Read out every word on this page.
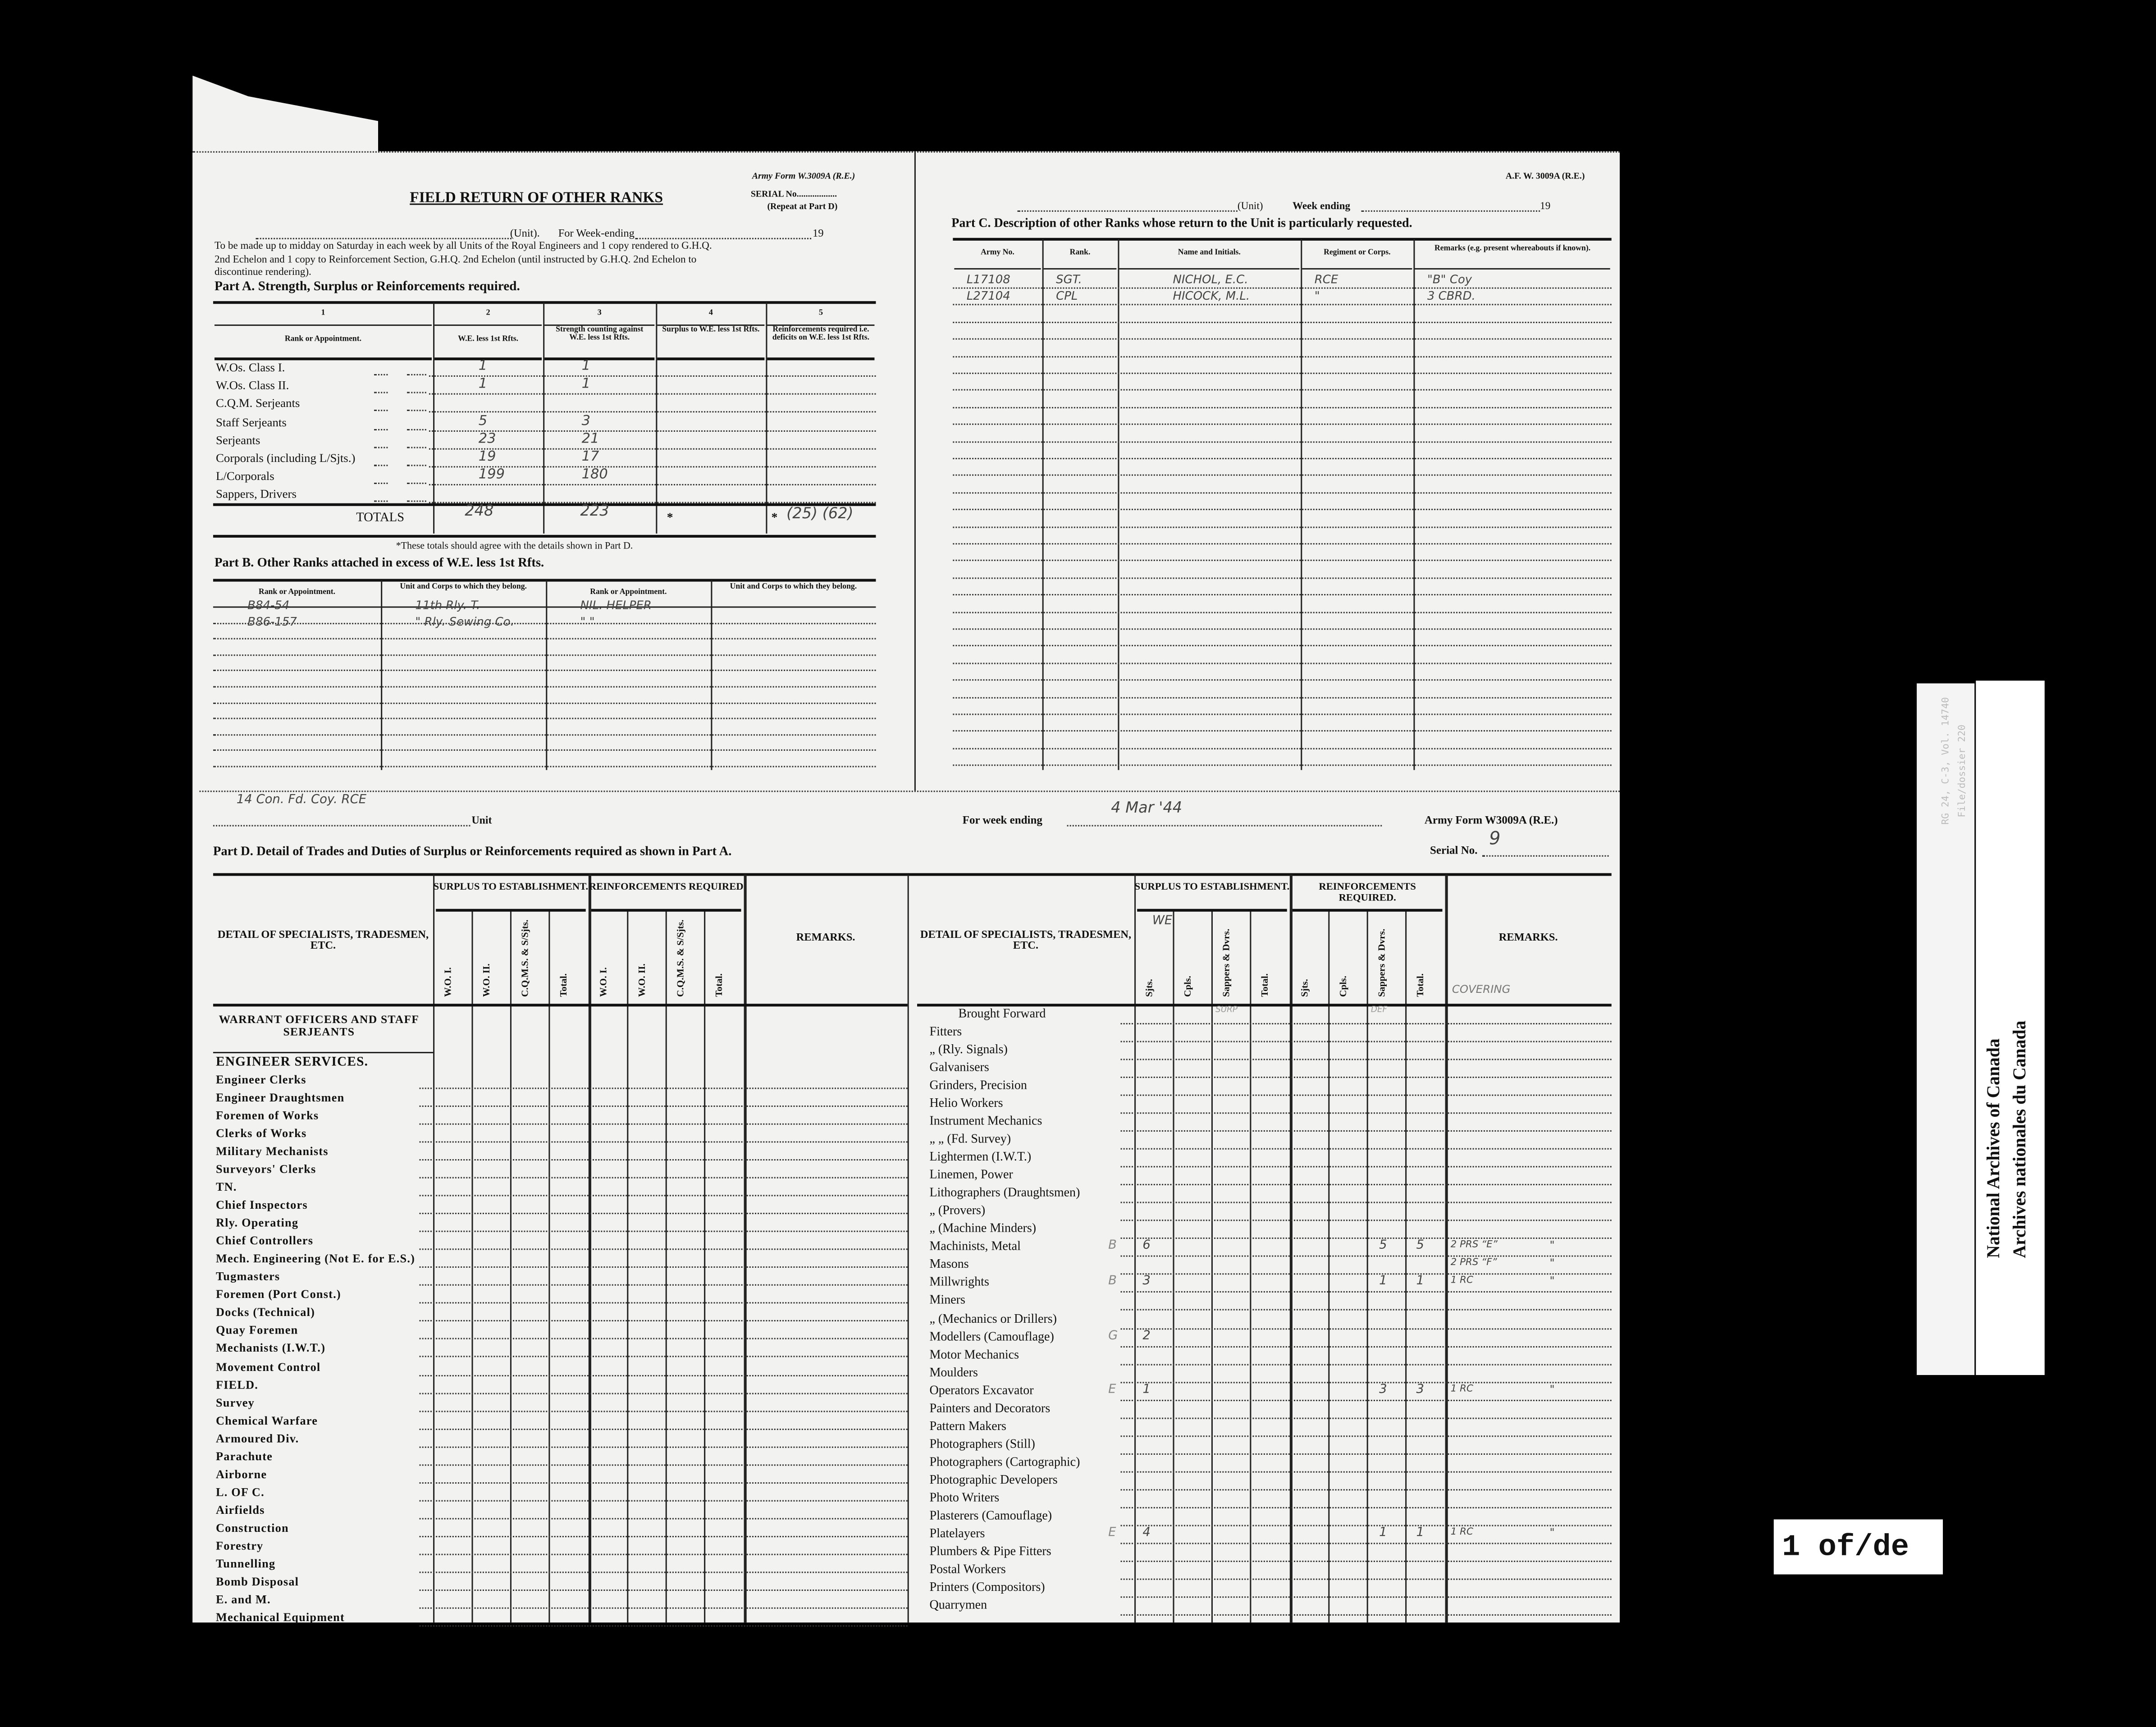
RG 24, C-3, Vol. 14740 File/dossier 220
National Archives of Canada Archives nationales du Canada
1 of/de
Army Form W.3009A (R.E.)
FIELD RETURN OF OTHER RANKS	SERIAL No..................
(Repeat at Part D)
(Unit).	For Week-ending	19
To be made up to midday on Saturday in each week by all Units of the Royal Engineers and 1 copy rendered to G.H.Q.
2nd Echelon and 1 copy to Reinforcement Section, G.H.Q. 2nd Echelon (until instructed by G.H.Q. 2nd Echelon to
discontinue rendering).
Part A. Strength, Surplus or Reinforcements required.
1	2	3	4	5
Rank or Appointment.	W.E. less 1st Rfts.
Strength counting against W.E. less 1st Rfts.
Surplus to W.E. less 1st Rfts.	Reinforcements required i.e. deficits on W.E. less 1st Rfts.
W.Os. Class I.	1	1
W.Os. Class II.	1	1
C.Q.M. Serjeants
Staff Serjeants	5	3
Serjeants	23	21
Corporals (including L/Sjts.)	19	17
L/Corporals	199	180
Sappers, Drivers
TOTALS	248	223	*	* (25) (62)
*These totals should agree with the details shown in Part D.
Part B. Other Ranks attached in excess of W.E. less 1st Rfts.
Rank or Appointment.
Unit and Corps to which they belong.
Rank or Appointment.
Unit and Corps to which they belong.
B84-54	11th Rly. T.	NIL. HELPER
B86-157	" Rly. Sewing Co.	" "
A.F. W. 3009A (R.E.)
(Unit)	Week ending	19
Part C. Description of other Ranks whose return to the Unit is particularly requested.
Army No.	Rank.	Name and Initials.	Regiment or Corps.	Remarks (e.g. present whereabouts if known).
L17108	SGT.	NICHOL, E.C.	RCE	"B" Coy
L27104	CPL	HICOCK, M.L.	"	3 CBRD.
14 Con. Fd. Coy. RCE
Unit	For week ending
4 Mar '44
Army Form W3009A (R.E.)
Serial No.
9
Part D. Detail of Trades and Duties of Surplus or Reinforcements required as shown in Part A.
SURPLUS TO ESTABLISHMENT. REINFORCEMENTS REQUIRED
DETAIL OF SPECIALISTS, TRADESMEN, ETC.
REMARKS.
W.O. I.	W.O. I.
W.O. II.	W.O. II.
C.Q.M.S. & S/Sjts.	C.Q.M.S. & S/Sjts.
Total.	Total.
SURPLUS TO ESTABLISHMENT.	REINFORCEMENTS REQUIRED.
DETAIL OF SPECIALISTS, TRADESMEN, ETC.
REMARKS.
Sjts.	Cpls.	Sappers & Dvrs.	Total.	Sjts.	Cpls.	Sappers & Dvrs.	Total.
WE
SURP	DEF
COVERING
WARRANT OFFICERS AND STAFF SERJEANTS
ENGINEER SERVICES.
Engineer Clerks
Engineer Draughtsmen
Foremen of Works
Clerks of Works
Military Mechanists
Surveyors' Clerks
TN.
Chief Inspectors
Rly. Operating
Chief Controllers
Mech. Engineering (Not E. for E.S.)
Tugmasters
Foremen (Port Const.)
Docks (Technical)
Quay Foremen
Mechanists (I.W.T.)
Movement Control
FIELD.
Survey
Chemical Warfare
Armoured Div.
Parachute
Airborne
L. OF C.
Airfields
Construction
Forestry
Tunnelling
Bomb Disposal
E. and M.
Mechanical Equipment
Brought Forward
Fitters
„ (Rly. Signals)
Galvanisers
Grinders, Precision
Helio Workers
Instrument Mechanics
„ „ (Fd. Survey)
Lightermen (I.W.T.)
Linemen, Power
Lithographers (Draughtsmen)
„ (Provers)
„ (Machine Minders)
Machinists, Metal	B	6	5	5	2 PRS “E”	"
Masons	2 PRS “F”	"
Millwrights	B	3	1	1	1 RC	"
Miners
„ (Mechanics or Drillers)
Modellers (Camouflage)	G	2
Motor Mechanics
Moulders
Operators Excavator	E	1	3	3	1 RC	"
Painters and Decorators
Pattern Makers
Photographers (Still)
Photographers (Cartographic)
Photographic Developers
Photo Writers
Plasterers (Camouflage)
Platelayers	E	4	1	1	1 RC	"
Plumbers & Pipe Fitters
Postal Workers
Printers (Compositors)
Quarrymen
